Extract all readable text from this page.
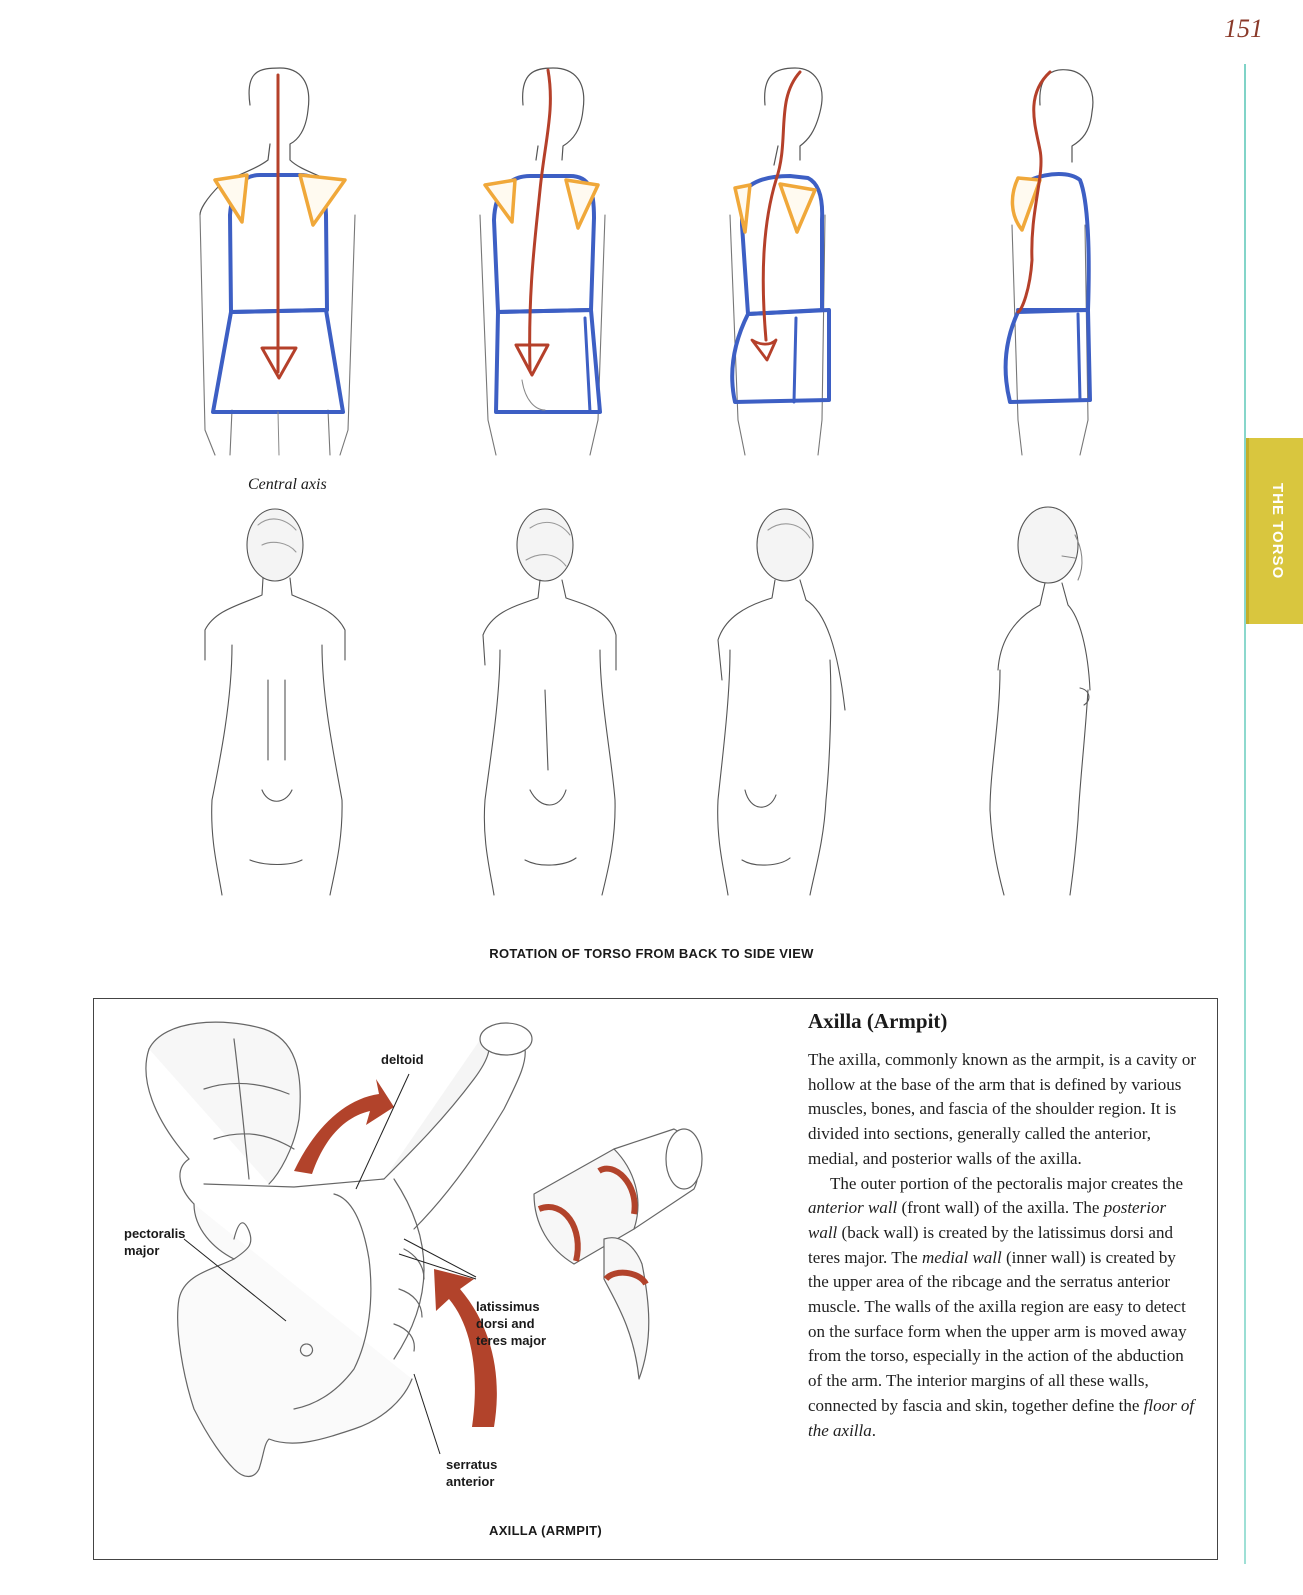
151
THE TORSO
Central axis
ROTATION OF TORSO FROM BACK TO SIDE VIEW
deltoid
pectoralis
major
latissimus
dorsi and
teres major
serratus
anterior
AXILLA (ARMPIT)
Axilla (Armpit)

The axilla, commonly known as the armpit, is a cavity or hollow at the base of the arm that is defined by various muscles, bones, and fascia of the shoulder region. It is divided into sections, generally called the anterior, medial, and posterior walls of the axilla.

The outer portion of the pectoralis major creates the anterior wall (front wall) of the axilla. The posterior wall (back wall) is created by the latissimus dorsi and teres major. The medial wall (inner wall) is created by the upper area of the ribcage and the serratus anterior muscle. The walls of the axilla region are easy to detect on the surface form when the upper arm is moved away from the torso, especially in the action of the abduction of the arm. The interior margins of all these walls, connected by fascia and skin, together define the floor of the axilla.
